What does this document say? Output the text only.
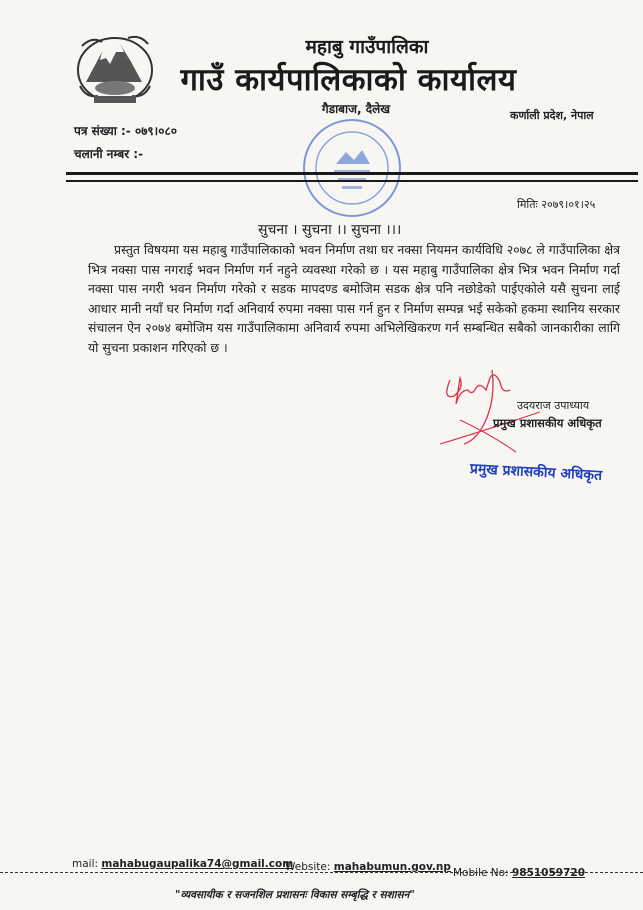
महाबु गाउँपालिका
गाउँ कार्यपालिकाको कार्यालय
गैडाबाज, दैलेख	कर्णाली प्रदेश, नेपाल
पत्र संख्या :- ०७९।०८०
चलानी नम्बर :-
मितिः २०७९।०१।२५
सुचना । सुचना ।। सुचना ।।।
प्रस्तुत विषयमा यस महाबु गाउँपालिकाको भवन निर्माण तथा घर नक्सा नियमन कार्यविधि २०७८ ले गाउँपालिका क्षेत्र भित्र नक्सा पास नगराई भवन निर्माण गर्न नहुने व्यवस्था गरेको छ । यस महाबु गाउँपालिका क्षेत्र भित्र भवन निर्माण गर्दा नक्सा पास नगरी भवन निर्माण गरेको र सडक मापदण्ड बमोजिम सडक क्षेत्र पनि नछोडेको पाईएकोले यसै सुचना लाई आधार मानी नयाँ घर निर्माण गर्दा अनिवार्य रुपमा नक्सा पास गर्न हुन र निर्माण सम्पन्न भई सकेको हकमा स्थानिय सरकार संचालन ऐन २०७४ बमोजिम यस गाउँपालिकामा अनिवार्य रुपमा अभिलेखिकरण गर्न सम्बन्धित सबैको जानकारीका लागि यो सुचना प्रकाशन गरिएको छ ।
उदयराज उपाध्याय
प्रमुख प्रशासकीय अधिकृत
प्रमुख प्रशासकीय अधिकृत
mail: mahabugaupalika74@gmail.com
Website: mahabumun.gov.np Mobile No: 9851059720
"व्यवसायीक र सजनशिल प्रशासनः विकास सम्बृद्धि र सशासन"
